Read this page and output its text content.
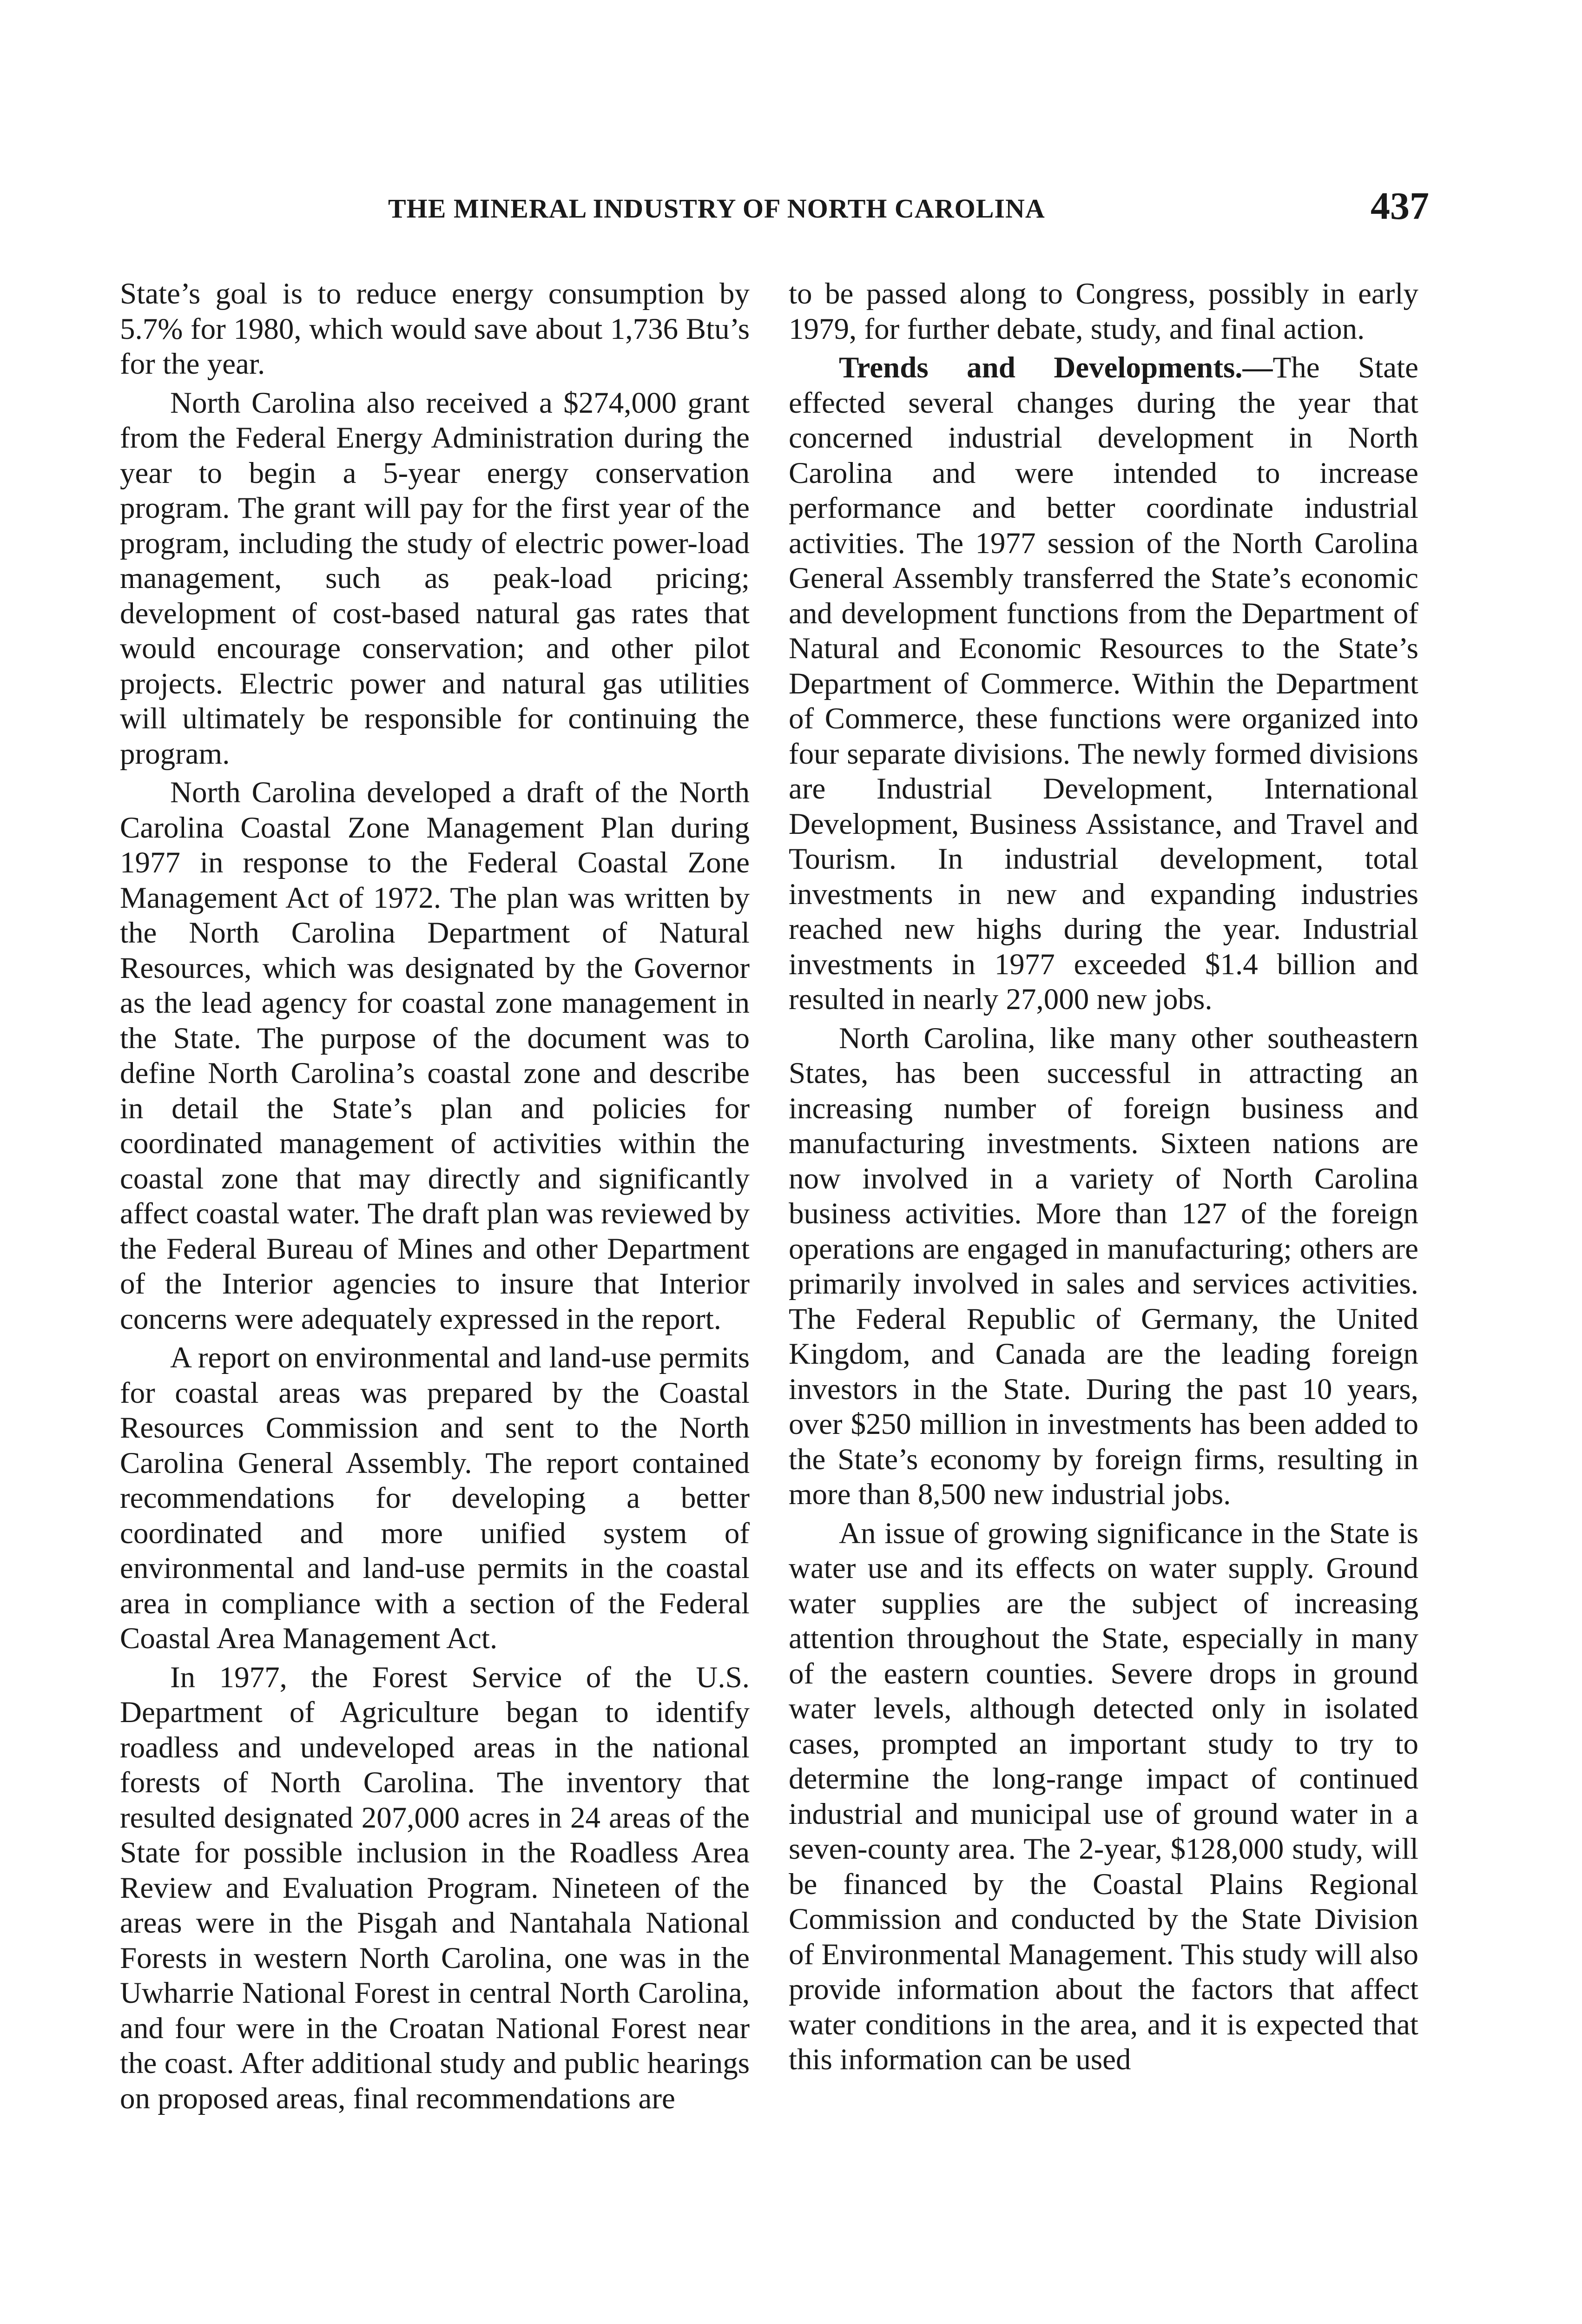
THE MINERAL INDUSTRY OF NORTH CAROLINA	437

State’s goal is to reduce energy consumption by 5.7% for 1980, which would save about 1,736 Btu’s for the year.

North Carolina also received a $274,000 grant from the Federal Energy Administration during the year to begin a 5-year energy conservation program. The grant will pay for the first year of the program, including the study of electric power-load management, such as peak-load pricing; development of cost-based natural gas rates that would encourage conservation; and other pilot projects. Electric power and natural gas utilities will ultimately be responsible for continuing the program.

North Carolina developed a draft of the North Carolina Coastal Zone Management Plan during 1977 in response to the Federal Coastal Zone Management Act of 1972. The plan was written by the North Carolina Department of Natural Resources, which was designated by the Governor as the lead agency for coastal zone management in the State. The purpose of the document was to define North Carolina’s coastal zone and describe in detail the State’s plan and policies for coordinated management of activities within the coastal zone that may directly and significantly affect coastal water. The draft plan was reviewed by the Federal Bureau of Mines and other Department of the Interior agencies to insure that Interior concerns were adequately expressed in the report.

A report on environmental and land-use permits for coastal areas was prepared by the Coastal Resources Commission and sent to the North Carolina General Assembly. The report contained recommendations for developing a better coordinated and more unified system of environmental and land-use permits in the coastal area in compliance with a section of the Federal Coastal Area Management Act.

In 1977, the Forest Service of the U.S. Department of Agriculture began to identify roadless and undeveloped areas in the national forests of North Carolina. The inventory that resulted designated 207,000 acres in 24 areas of the State for possible inclusion in the Roadless Area Review and Evaluation Program. Nineteen of the areas were in the Pisgah and Nantahala National Forests in western North Carolina, one was in the Uwharrie National Forest in central North Carolina, and four were in the Croatan National Forest near the coast. After additional study and public hearings on proposed areas, final recommendations are

to be passed along to Congress, possibly in early 1979, for further debate, study, and final action.

Trends and Developments.—The State effected several changes during the year that concerned industrial development in North Carolina and were intended to increase performance and better coordinate industrial activities. The 1977 session of the North Carolina General Assembly transferred the State’s economic and development functions from the Department of Natural and Economic Resources to the State’s Department of Commerce. Within the Department of Commerce, these functions were organized into four separate divisions. The newly formed divisions are Industrial Development, International Development, Business Assistance, and Travel and Tourism. In industrial development, total investments in new and expanding industries reached new highs during the year. Industrial investments in 1977 exceeded $1.4 billion and resulted in nearly 27,000 new jobs.

North Carolina, like many other southeastern States, has been successful in attracting an increasing number of foreign business and manufacturing investments. Sixteen nations are now involved in a variety of North Carolina business activities. More than 127 of the foreign operations are engaged in manufacturing; others are primarily involved in sales and services activities. The Federal Republic of Germany, the United Kingdom, and Canada are the leading foreign investors in the State. During the past 10 years, over $250 million in investments has been added to the State’s economy by foreign firms, resulting in more than 8,500 new industrial jobs.

An issue of growing significance in the State is water use and its effects on water supply. Ground water supplies are the subject of increasing attention throughout the State, especially in many of the eastern counties. Severe drops in ground water levels, although detected only in isolated cases, prompted an important study to try to determine the long-range impact of continued industrial and municipal use of ground water in a seven-county area. The 2-year, $128,000 study, will be financed by the Coastal Plains Regional Commission and conducted by the State Division of Environmental Management. This study will also provide information about the factors that affect water conditions in the area, and it is expected that this information can be used
